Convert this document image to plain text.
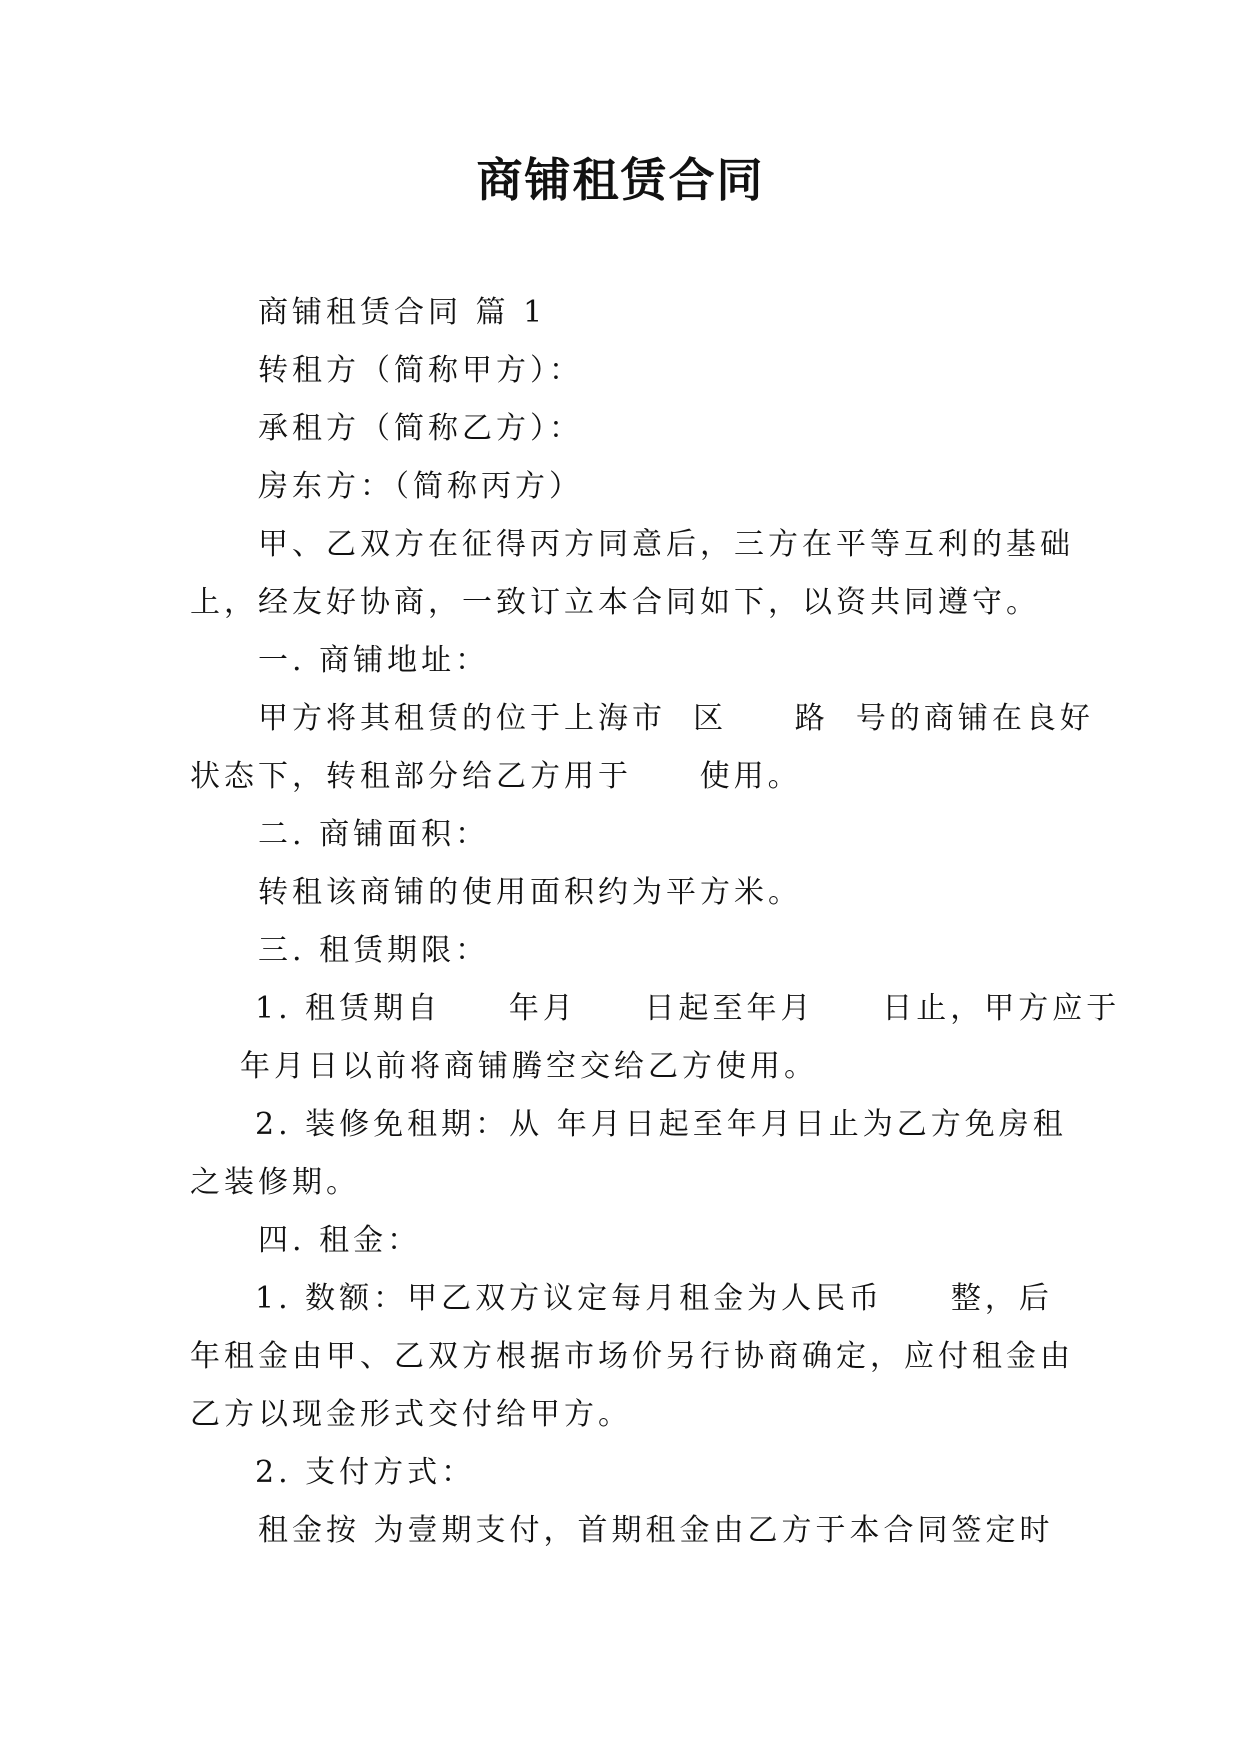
商铺租赁合同
商铺租赁合同 篇 1
转租方（简称甲方）：
承租方（简称乙方）：
房东方：（简称丙方）
甲、乙双方在征得丙方同意后，三方在平等互利的基础
上，经友好协商，一致订立本合同如下，以资共同遵守。
一. 商铺地址：
甲方将其租赁的位于上海市  区     路  号的商铺在良好
状态下，转租部分给乙方用于     使用。
二. 商铺面积：
转租该商铺的使用面积约为平方米。
三. 租赁期限：
1. 租赁期自     年月     日起至年月     日止，甲方应于
年月日以前将商铺腾空交给乙方使用。
2. 装修免租期：从 年月日起至年月日止为乙方免房租
之装修期。
四. 租金：
1. 数额：甲乙双方议定每月租金为人民币     整，后
年租金由甲、乙双方根据市场价另行协商确定，应付租金由
乙方以现金形式交付给甲方。
2. 支付方式：
租金按 为壹期支付，首期租金由乙方于本合同签定时
